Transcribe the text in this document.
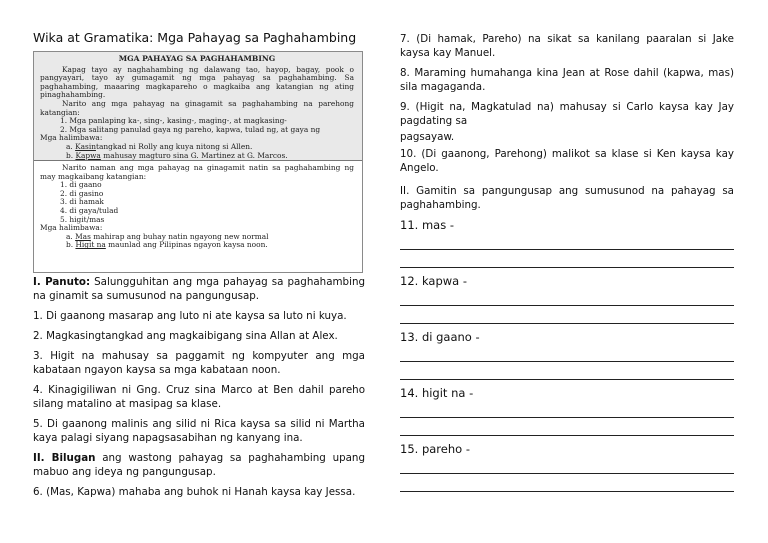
Wika at Gramatika: Mga Pahayag sa Paghahambing
MGA PAHAYAG SA PAGHAHAMBING

Kapag tayo ay naghahambing ng dalawang tao, hayop, bagay, pook o pangyayari, tayo ay gumagamit ng mga pahayag sa paghahambing. Sa paghahambing, maaaring magkapareho o magkaiba ang katangian ng ating pinaghahambing.

Narito ang mga pahayag na ginagamit sa paghahambing na parehong katangian:

1. Mga panlaping ka-, sing-, kasing-, maging-, at magkasing-
2. Mga salitang panulad gaya ng pareho, kapwa, tulad ng, at gaya ng
Mga halimbawa:
a. Kasintangkad ni Rolly ang kuya nitong si Allen.
b. Kapwa mahusay magturo sina G. Martinez at G. Marcos.

Narito naman ang mga pahayag na ginagamit natin sa paghahambing ng may magkaibang katangian:

1. di gaano
2. di gasino
3. di hamak
4. di gaya/tulad
5. higit/mas
Mga halimbawa:
a. Mas mahirap ang buhay natin ngayong new normal
b. Higit na maunlad ang Pilipinas ngayon kaysa noon.

I. Panuto: Salungguhitan ang mga pahayag sa paghahambing na ginamit sa sumusunod na pangungusap.

1. Di gaanong masarap ang luto ni ate kaysa sa luto ni kuya.

2. Magkasingtangkad ang magkaibigang sina Allan at Alex.

3. Higit na mahusay sa paggamit ng kompyuter ang mga kabataan ngayon kaysa sa mga kabataan noon.

4. Kinagigiliwan ni Gng. Cruz sina Marco at Ben dahil pareho silang matalino at masipag sa klase.

5. Di gaanong malinis ang silid ni Rica kaysa sa silid ni Martha kaya palagi siyang napagsasabihan ng kanyang ina.

II. Bilugan ang wastong pahayag sa paghahambing upang mabuo ang ideya ng pangungusap.

6. (Mas, Kapwa) mahaba ang buhok ni Hanah kaysa kay Jessa.

7. (Di hamak, Pareho) na sikat sa kanilang paaralan si Jake kaysa kay Manuel.

8. Maraming humahanga kina Jean at Rose dahil (kapwa, mas) sila magaganda.

9. (Higit na, Magkatulad na) mahusay si Carlo kaysa kay Jay pagdating sa

pagsayaw.

10. (Di gaanong, Parehong) malikot sa klase si Ken kaysa kay Angelo.

II. Gamitin sa pangungusap ang sumusunod na pahayag sa paghahambing.

11. mas -

12. kapwa -

13. di gaano -

14. higit na -

15. pareho -
